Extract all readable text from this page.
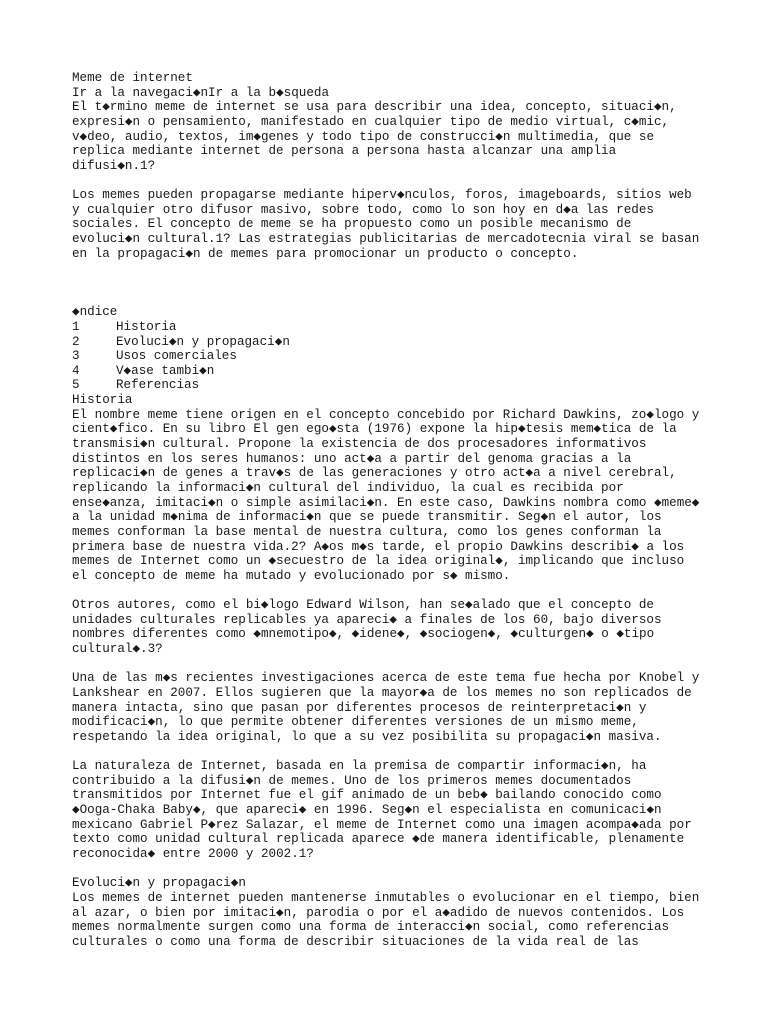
Meme de internet
Ir a la navegaci◆nIr a la b◆squeda
El t◆rmino meme de internet se usa para describir una idea, concepto, situaci◆n,
expresi◆n o pensamiento, manifestado en cualquier tipo de medio virtual, c◆mic,
v◆deo, audio, textos, im◆genes y todo tipo de construcci◆n multimedia, que se
replica mediante internet de persona a persona hasta alcanzar una amplia
difusi◆n.1?
Los memes pueden propagarse mediante hiperv◆nculos, foros, imageboards, sitios web
y cualquier otro difusor masivo, sobre todo, como lo son hoy en d◆a las redes
sociales. El concepto de meme se ha propuesto como un posible mecanismo de
evoluci◆n cultural.1? Las estrategias publicitarias de mercadotecnia viral se basan
en la propagaci◆n de memes para promocionar un producto o concepto.
◆ndice
1	Historia
2	Evoluci◆n y propagaci◆n
3	Usos comerciales
4	V◆ase tambi◆n
5	Referencias
Historia
El nombre meme tiene origen en el concepto concebido por Richard Dawkins, zo◆logo y
cient◆fico. En su libro El gen ego◆sta (1976) expone la hip◆tesis mem◆tica de la
transmisi◆n cultural. Propone la existencia de dos procesadores informativos
distintos en los seres humanos: uno act◆a a partir del genoma gracias a la
replicaci◆n de genes a trav◆s de las generaciones y otro act◆a a nivel cerebral,
replicando la informaci◆n cultural del individuo, la cual es recibida por
ense◆anza, imitaci◆n o simple asimilaci◆n. En este caso, Dawkins nombra como ◆meme◆
a la unidad m◆nima de informaci◆n que se puede transmitir. Seg◆n el autor, los
memes conforman la base mental de nuestra cultura, como los genes conforman la
primera base de nuestra vida.2? A◆os m◆s tarde, el propio Dawkins describi◆ a los
memes de Internet como un ◆secuestro de la idea original◆, implicando que incluso
el concepto de meme ha mutado y evolucionado por s◆ mismo.
Otros autores, como el bi◆logo Edward Wilson, han se◆alado que el concepto de
unidades culturales replicables ya apareci◆ a finales de los 60, bajo diversos
nombres diferentes como ◆mnemotipo◆, ◆idene◆, ◆sociogen◆, ◆culturgen◆ o ◆tipo
cultural◆.3?
Una de las m◆s recientes investigaciones acerca de este tema fue hecha por Knobel y
Lankshear en 2007. Ellos sugieren que la mayor◆a de los memes no son replicados de
manera intacta, sino que pasan por diferentes procesos de reinterpretaci◆n y
modificaci◆n, lo que permite obtener diferentes versiones de un mismo meme,
respetando la idea original, lo que a su vez posibilita su propagaci◆n masiva.
La naturaleza de Internet, basada en la premisa de compartir informaci◆n, ha
contribuido a la difusi◆n de memes. Uno de los primeros memes documentados
transmitidos por Internet fue el gif animado de un beb◆ bailando conocido como
◆Ooga-Chaka Baby◆, que apareci◆ en 1996. Seg◆n el especialista en comunicaci◆n
mexicano Gabriel P◆rez Salazar, el meme de Internet como una imagen acompa◆ada por
texto como unidad cultural replicada aparece ◆de manera identificable, plenamente
reconocida◆ entre 2000 y 2002.1?
Evoluci◆n y propagaci◆n
Los memes de internet pueden mantenerse inmutables o evolucionar en el tiempo, bien
al azar, o bien por imitaci◆n, parodia o por el a◆adido de nuevos contenidos. Los
memes normalmente surgen como una forma de interacci◆n social, como referencias
culturales o como una forma de describir situaciones de la vida real de las
